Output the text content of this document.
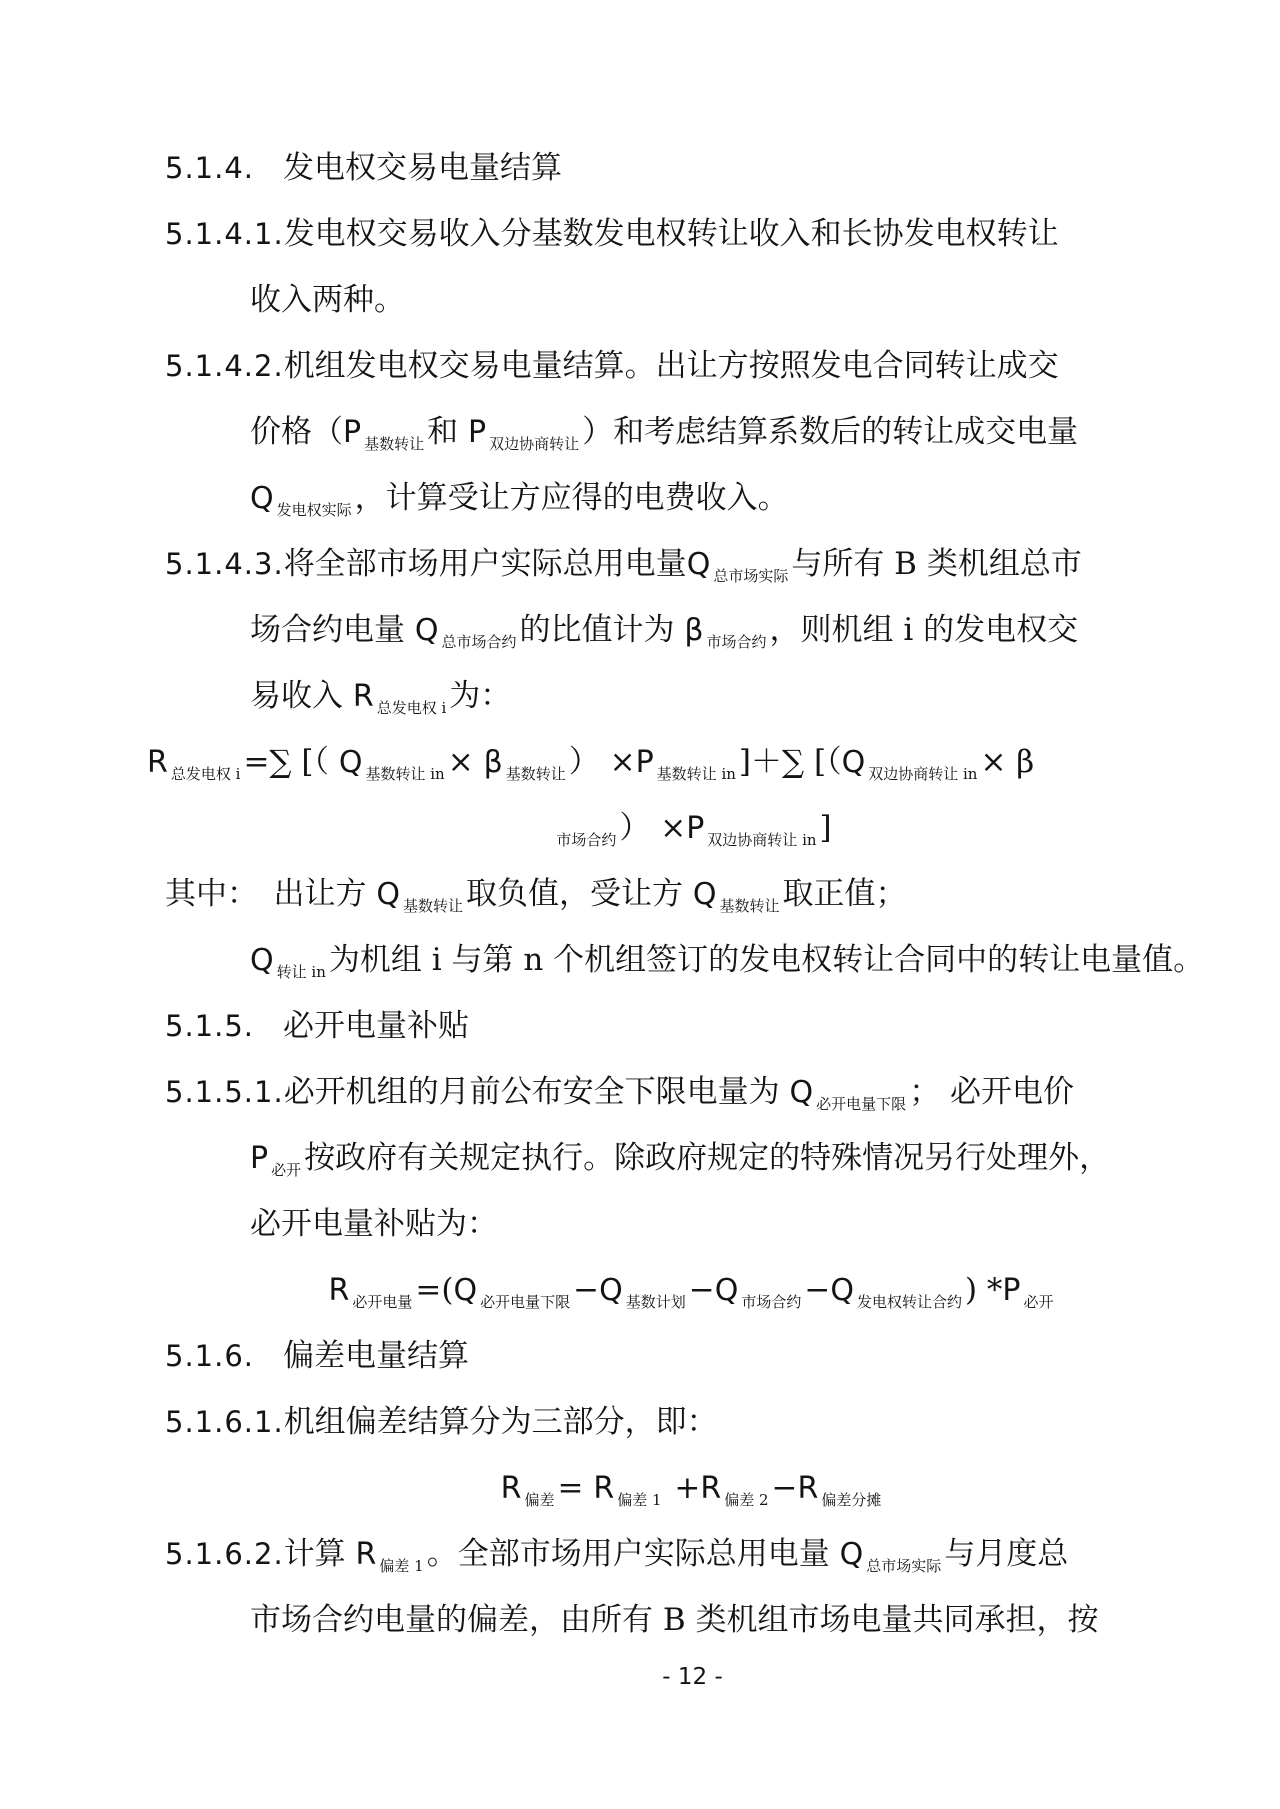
5.1.4. 发电权交易电量结算
5.1.4.1.发电权交易收入分基数发电权转让收入和长协发电权转让
收入两种。
5.1.4.2.机组发电权交易电量结算。出让方按照发电合同转让成交
价格（P $_{基数转让}$和 P $_{双边协商转让}$）和考虑结算系数后的转让成交电量
Q $_{发电权实际}$，计算受让方应得的电费收入。
5.1.4.3.将全部市场用户实际总用电量Q $_{总市场实际}$与所有 B 类机组总市
场合约电量 Q $_{总市场合约}$的比值计为 β $_{市场合约}$，则机组 i 的发电权交
易收入 R $_{总发电权 i}$为：
R $_{总发电权 i}$=∑ [（ Q $_{基数转让 in}$× β $_{基数转让}$） ×P $_{基数转让 in}$]＋∑ [（Q $_{双边协商转让 in}$× β
$_{市场合约}$） ×P $_{双边协商转让 in}$]
其中：　出让方 Q $_{基数转让}$取负值，受让方 Q $_{基数转让}$取正值；
Q $_{转让 in}$为机组 i 与第 n 个机组签订的发电权转让合同中的转让电量值。
5.1.5. 必开电量补贴
5.1.5.1.必开机组的月前公布安全下限电量为 Q $_{必开电量下限}$； 必开电价
P $_{必开}$按政府有关规定执行。除政府规定的特殊情况另行处理外，
必开电量补贴为：
R $_{必开电量}$=(Q $_{必开电量下限}$−Q $_{基数计划}$−Q $_{市场合约}$−Q $_{发电权转让合约}$) *P $_{必开}$
5.1.6. 偏差电量结算
5.1.6.1.机组偏差结算分为三部分，即：
R $_{偏差}$= R $_{偏差 1}$ +R $_{偏差 2}$−R $_{偏差分摊}$
5.1.6.2.计算 R $_{偏差 1}$。全部市场用户实际总用电量 Q $_{总市场实际}$与月度总
市场合约电量的偏差，由所有 B 类机组市场电量共同承担，按
- 12 -
